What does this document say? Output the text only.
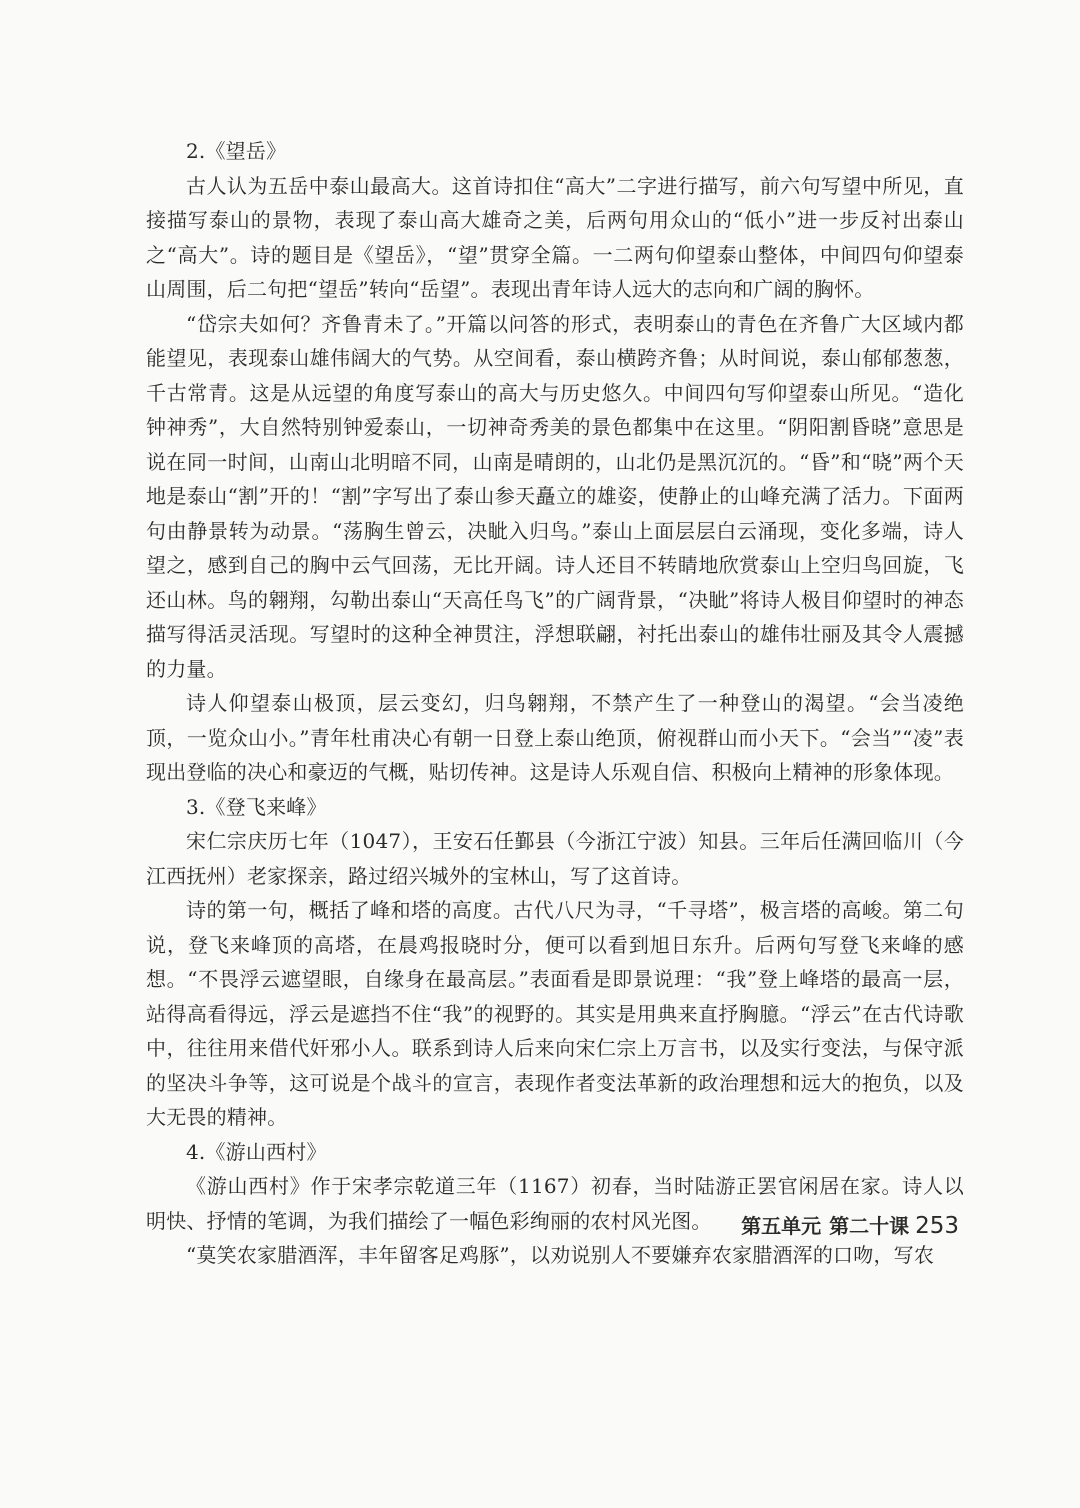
2.《望岳》

古人认为五岳中泰山最高大。这首诗扣住“高大”二字进行描写，前六句写望中所见，直接描写泰山的景物，表现了泰山高大雄奇之美，后两句用众山的“低小”进一步反衬出泰山之“高大”。诗的题目是《望岳》，“望”贯穿全篇。一二两句仰望泰山整体，中间四句仰望泰山周围，后二句把“望岳”转向“岳望”。表现出青年诗人远大的志向和广阔的胸怀。

“岱宗夫如何？齐鲁青未了。”开篇以问答的形式，表明泰山的青色在齐鲁广大区域内都能望见，表现泰山雄伟阔大的气势。从空间看，泰山横跨齐鲁；从时间说，泰山郁郁葱葱，千古常青。这是从远望的角度写泰山的高大与历史悠久。中间四句写仰望泰山所见。“造化钟神秀”，大自然特别钟爱泰山，一切神奇秀美的景色都集中在这里。“阴阳割昏晓”意思是说在同一时间，山南山北明暗不同，山南是晴朗的，山北仍是黑沉沉的。“昏”和“晓”两个天地是泰山“割”开的！“割”字写出了泰山参天矗立的雄姿，使静止的山峰充满了活力。下面两句由静景转为动景。“荡胸生曾云，决眦入归鸟。”泰山上面层层白云涌现，变化多端，诗人望之，感到自己的胸中云气回荡，无比开阔。诗人还目不转睛地欣赏泰山上空归鸟回旋，飞还山林。鸟的翱翔，勾勒出泰山“天高任鸟飞”的广阔背景，“决眦”将诗人极目仰望时的神态描写得活灵活现。写望时的这种全神贯注，浮想联翩，衬托出泰山的雄伟壮丽及其令人震撼的力量。

诗人仰望泰山极顶，层云变幻，归鸟翱翔，不禁产生了一种登山的渴望。“会当凌绝顶，一览众山小。”青年杜甫决心有朝一日登上泰山绝顶，俯视群山而小天下。“会当”“凌”表现出登临的决心和豪迈的气概，贴切传神。这是诗人乐观自信、积极向上精神的形象体现。

3.《登飞来峰》

宋仁宗庆历七年（1047），王安石任鄞县（今浙江宁波）知县。三年后任满回临川（今江西抚州）老家探亲，路过绍兴城外的宝林山，写了这首诗。

诗的第一句，概括了峰和塔的高度。古代八尺为寻，“千寻塔”，极言塔的高峻。第二句说，登飞来峰顶的高塔，在晨鸡报晓时分，便可以看到旭日东升。后两句写登飞来峰的感想。“不畏浮云遮望眼，自缘身在最高层。”表面看是即景说理：“我”登上峰塔的最高一层，站得高看得远，浮云是遮挡不住“我”的视野的。其实是用典来直抒胸臆。“浮云”在古代诗歌中，往往用来借代奸邪小人。联系到诗人后来向宋仁宗上万言书，以及实行变法，与保守派的坚决斗争等，这可说是个战斗的宣言，表现作者变法革新的政治理想和远大的抱负，以及大无畏的精神。

4.《游山西村》

《游山西村》作于宋孝宗乾道三年（1167）初春，当时陆游正罢官闲居在家。诗人以明快、抒情的笔调，为我们描绘了一幅色彩绚丽的农村风光图。

“莫笑农家腊酒浑，丰年留客足鸡豚”，以劝说别人不要嫌弃农家腊酒浑的口吻，写农

第五单元 第二十课 253
